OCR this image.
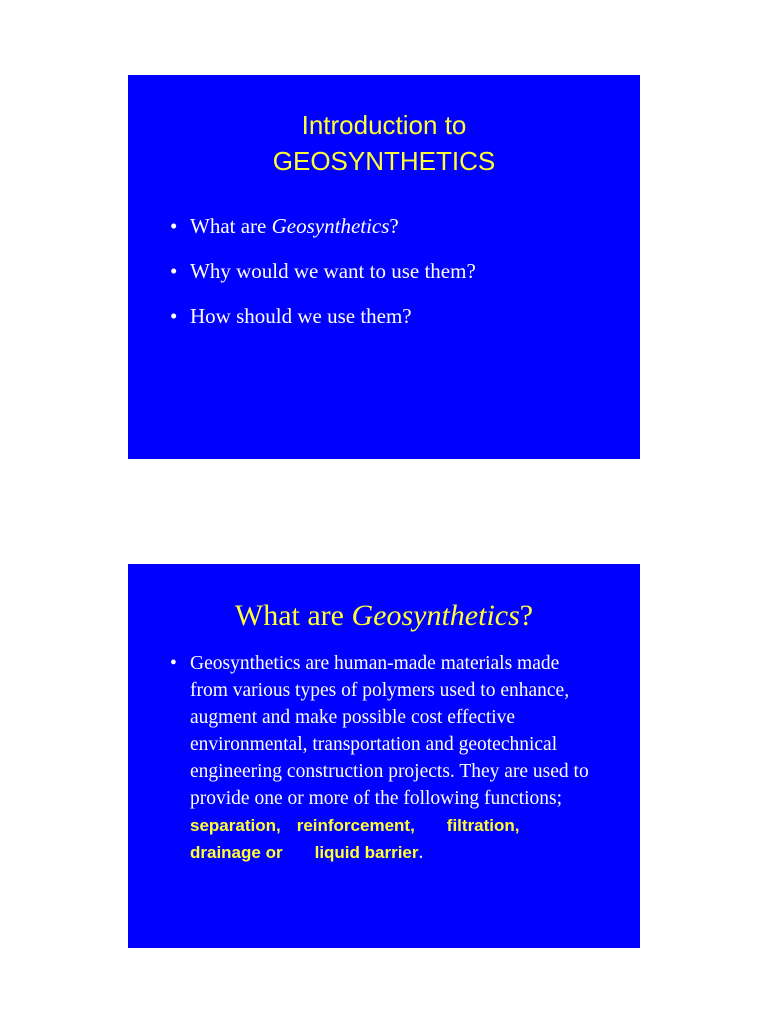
Introduction to
GEOSYNTHETICS
• What are Geosynthetics?
• Why would we want to use them?
• How should we use them?
What are Geosynthetics?
• Geosynthetics are human-made materials made from various types of polymers used to enhance, augment and make possible cost effective environmental, transportation and geotechnical engineering construction projects. They are used to provide one or more of the following functions; separation, reinforcement, filtration,
drainage or liquid barrier.
